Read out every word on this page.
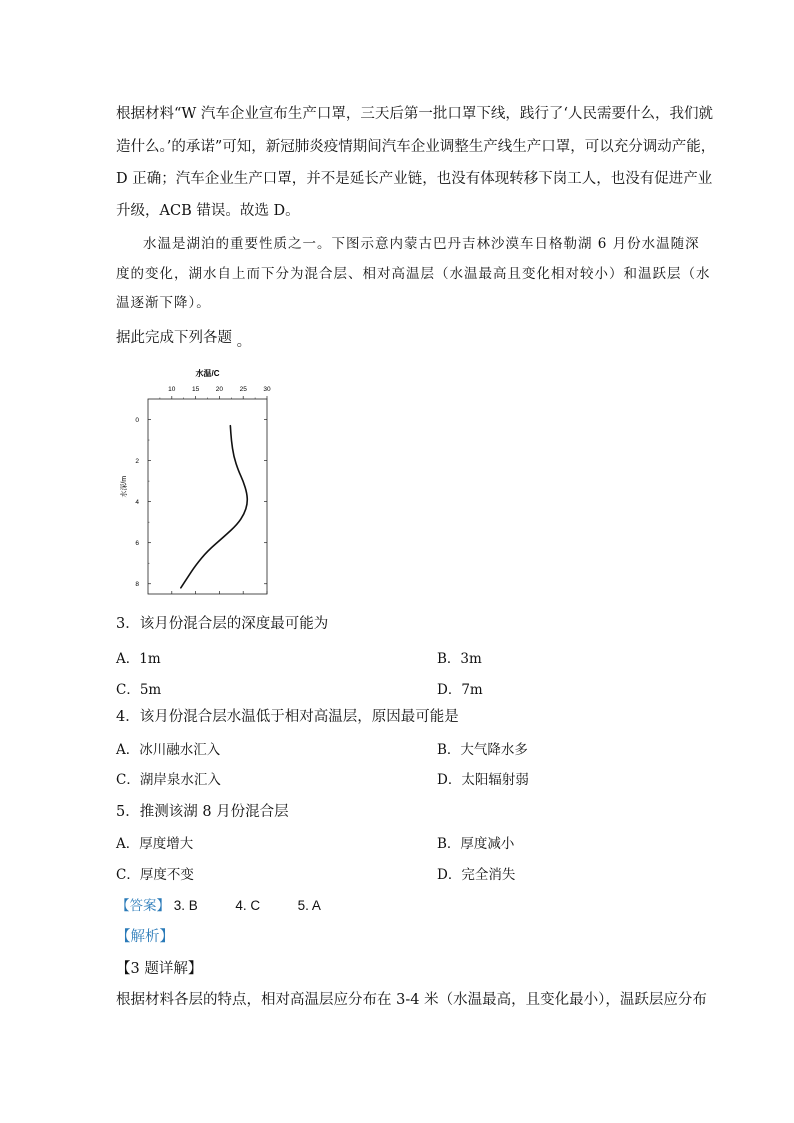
根据材料“W 汽车企业宣布生产口罩，三天后第一批口罩下线，践行了‘人民需要什么，我们就
造什么。’的承诺”可知，新冠肺炎疫情期间汽车企业调整生产线生产口罩，可以充分调动产能，
D 正确；汽车企业生产口罩，并不是延长产业链，也没有体现转移下岗工人，也没有促进产业
升级，ACB 错误。故选 D。
水温是湖泊的重要性质之一。下图示意内蒙古巴丹吉林沙漠车日格勒湖 6 月份水温随深
度的变化，湖水自上而下分为混合层、相对高温层（水温最高且变化相对较小）和温跃层（水
温逐渐下降）。
据此完成下列各题 。
水温/C
10	15	20	25	30
0
2
4
6
8
水深/m
3．该月份混合层的深度最可能为
A．1m	B．3m
C．5m	D．7m
4．该月份混合层水温低于相对高温层，原因最可能是
A．冰川融水汇入	B．大气降水多
C．湖岸泉水汇入	D．太阳辐射弱
5．推测该湖 8 月份混合层
A．厚度增大	B．厚度减小
C．厚度不变	D．完全消失
【答案】 3. B	4. C	5. A
【解析】
【3 题详解】
根据材料各层的特点，相对高温层应分布在 3-4 米（水温最高，且变化最小），温跃层应分布
